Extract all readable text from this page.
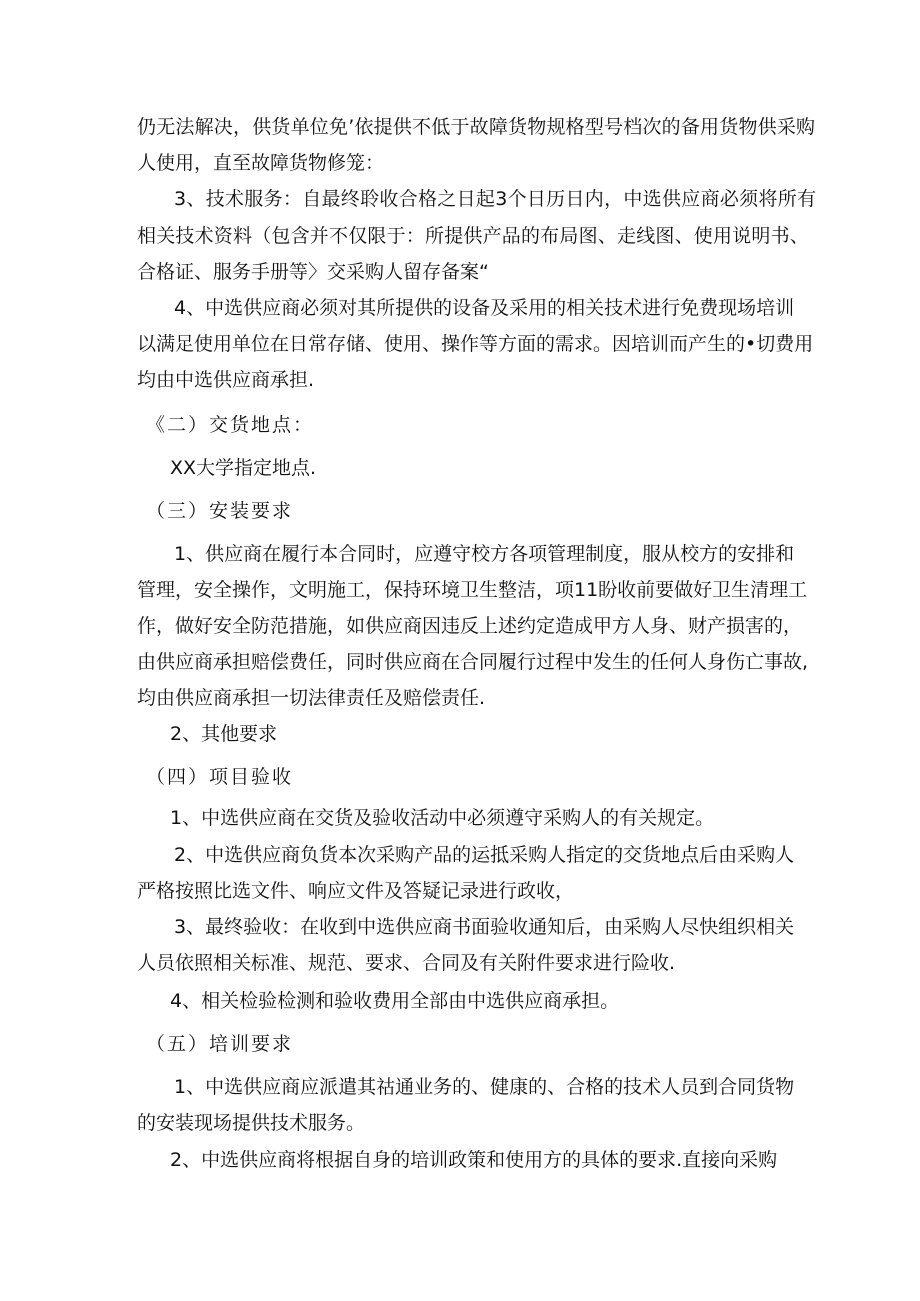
仍无法解决，供货单位免’依提供不低于故障货物规格型号档次的备用货物供采购
人使用，直至故障货物修笼：
3、技术服务：自最终聆收合格之日起3个日历日内，中选供应商必须将所有
相关技术资料（包含并不仅限于：所提供产品的布局图、走线图、使用说明书、
合格证、服务手册等〉交采购人留存备案“
4、中选供应商必须对其所提供的设备及采用的相关技术进行免费现场培训
以满足使用单位在日常存储、使用、操作等方面的需求。因培训而产生的•切费用
均由中选供应商承担.
《二）交货地点：
XX大学指定地点.
（三）安装要求
1、供应商在履行本合同时，应遵守校方各项管理制度，服从校方的安排和
管理，安全操作，文明施工，保持环境卫生整洁，项11盼收前要做好卫生清理工
作，做好安全防范措施，如供应商因违反上述约定造成甲方人身、财产损害的，
由供应商承担赔偿费任，同时供应商在合同履行过程中发生的任何人身伤亡事故,
均由供应商承担一切法律责任及赔偿责任.
2、其他要求
（四）项目验收
1、中选供应商在交货及验收活动中必须遵守采购人的有关规定。
2、中选供应商负货本次采购产品的运抵采购人指定的交货地点后由采购人
严格按照比选文件、响应文件及答疑记录进行政收，
3、最终验收：在收到中选供应商书面验收通知后，由采购人尽快组织相关
人员依照相关标准、规范、要求、合同及有关附件要求进行险收.
4、相关检验检测和验收费用全部由中选供应商承担。
（五）培训要求
1、中选供应商应派遣其祜通业务的、健康的、合格的技术人员到合同货物
的安装现场提供技术服务。
2、中选供应商将根据自身的培训政策和使用方的具体的要求.直接向采购
